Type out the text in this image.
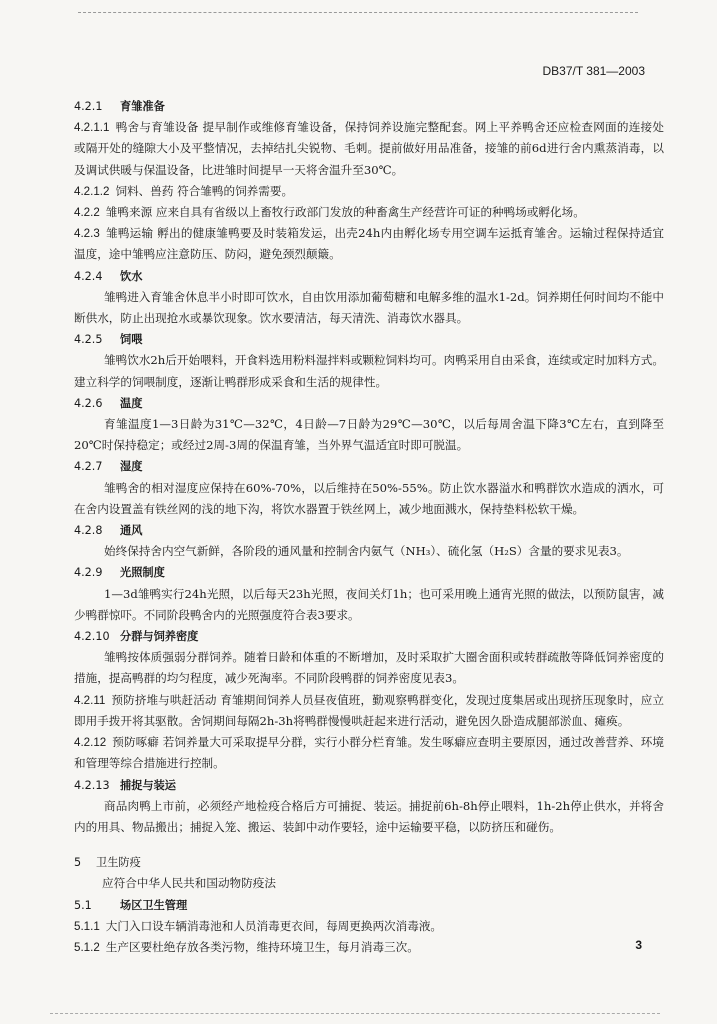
DB37/T 381—2003

4.2.1 育雏准备

4.2.1.1 鸭舍与育雏设备 提早制作或维修育雏设备，保持饲养设施完整配套。网上平养鸭舍还应检查网面的连接处或隔开处的缝隙大小及平整情况，去掉结扎尖锐物、毛刺。提前做好用品准备，接雏的前6d进行舍内熏蒸消毒，以及调试供暖与保温设备，比进雏时间提早一天将舍温升至30℃。

4.2.1.2 饲料、兽药 符合雏鸭的饲养需要。

4.2.2 雏鸭来源 应来自具有省级以上畜牧行政部门发放的种畜禽生产经营许可证的种鸭场或孵化场。

4.2.3 雏鸭运输 孵出的健康雏鸭要及时装箱发运，出壳24h内由孵化场专用空调车运抵育雏舍。运输过程保持适宜温度，途中雏鸭应注意防压、防闷，避免颈烈颠簸。

4.2.4 饮水

雏鸭进入育雏舍休息半小时即可饮水，自由饮用添加葡萄糖和电解多维的温水1-2d。饲养期任何时间均不能中断供水，防止出现抢水或暴饮现象。饮水要清洁，每天清洗、消毒饮水器具。

4.2.5 饲喂

雏鸭饮水2h后开始喂料，开食料选用粉料湿拌料或颗粒饲料均可。肉鸭采用自由采食，连续或定时加料方式。建立科学的饲喂制度，逐渐让鸭群形成采食和生活的规律性。

4.2.6 温度

育雏温度1—3日龄为31℃—32℃，4日龄—7日龄为29℃—30℃，以后每周舍温下降3℃左右，直到降至20℃时保持稳定；或经过2周-3周的保温育雏，当外界气温适宜时即可脱温。

4.2.7 湿度

雏鸭舍的相对湿度应保持在60%-70%，以后维持在50%-55%。防止饮水器溢水和鸭群饮水造成的洒水，可在舍内设置盖有铁丝网的浅的地下沟，将饮水器置于铁丝网上，减少地面溅水，保持垫料松软干燥。

4.2.8 通风

始终保持舍内空气新鲜，各阶段的通风量和控制舍内氨气（NH₃）、硫化氢（H₂S）含量的要求见表3。

4.2.9 光照制度

1—3d雏鸭实行24h光照，以后每天23h光照，夜间关灯1h；也可采用晚上通宵光照的做法，以预防鼠害，减少鸭群惊吓。不同阶段鸭舍内的光照强度符合表3要求。

4.2.10 分群与饲养密度

雏鸭按体质强弱分群饲养。随着日龄和体重的不断增加，及时采取扩大圈舍面积或转群疏散等降低饲养密度的措施，提高鸭群的均匀程度，减少死淘率。不同阶段鸭群的饲养密度见表3。

4.2.11 预防挤堆与哄赶活动 育雏期间饲养人员昼夜值班，勤观察鸭群变化，发现过度集居或出现挤压现象时，应立即用手拨开将其驱散。舍饲期间每隔2h-3h将鸭群慢慢哄赶起来进行活动，避免因久卧造成腿部淤血、瘫痪。

4.2.12 预防啄癖 若饲养量大可采取提早分群，实行小群分栏育雏。发生啄癖应查明主要原因，通过改善营养、环境和管理等综合措施进行控制。

4.2.13 捕捉与装运

商品肉鸭上市前，必须经产地检疫合格后方可捕捉、装运。捕捉前6h-8h停止喂料，1h-2h停止供水，并将舍内的用具、物品搬出；捕捉入笼、搬运、装卸中动作要轻，途中运输要平稳，以防挤压和碰伤。

5 卫生防疫

应符合中华人民共和国动物防疫法

5.1	场区卫生管理

5.1.1 大门入口设车辆消毒池和人员消毒更衣间，每周更换两次消毒液。

5.1.2 生产区要杜绝存放各类污物，维持环境卫生，每月消毒三次。	3
